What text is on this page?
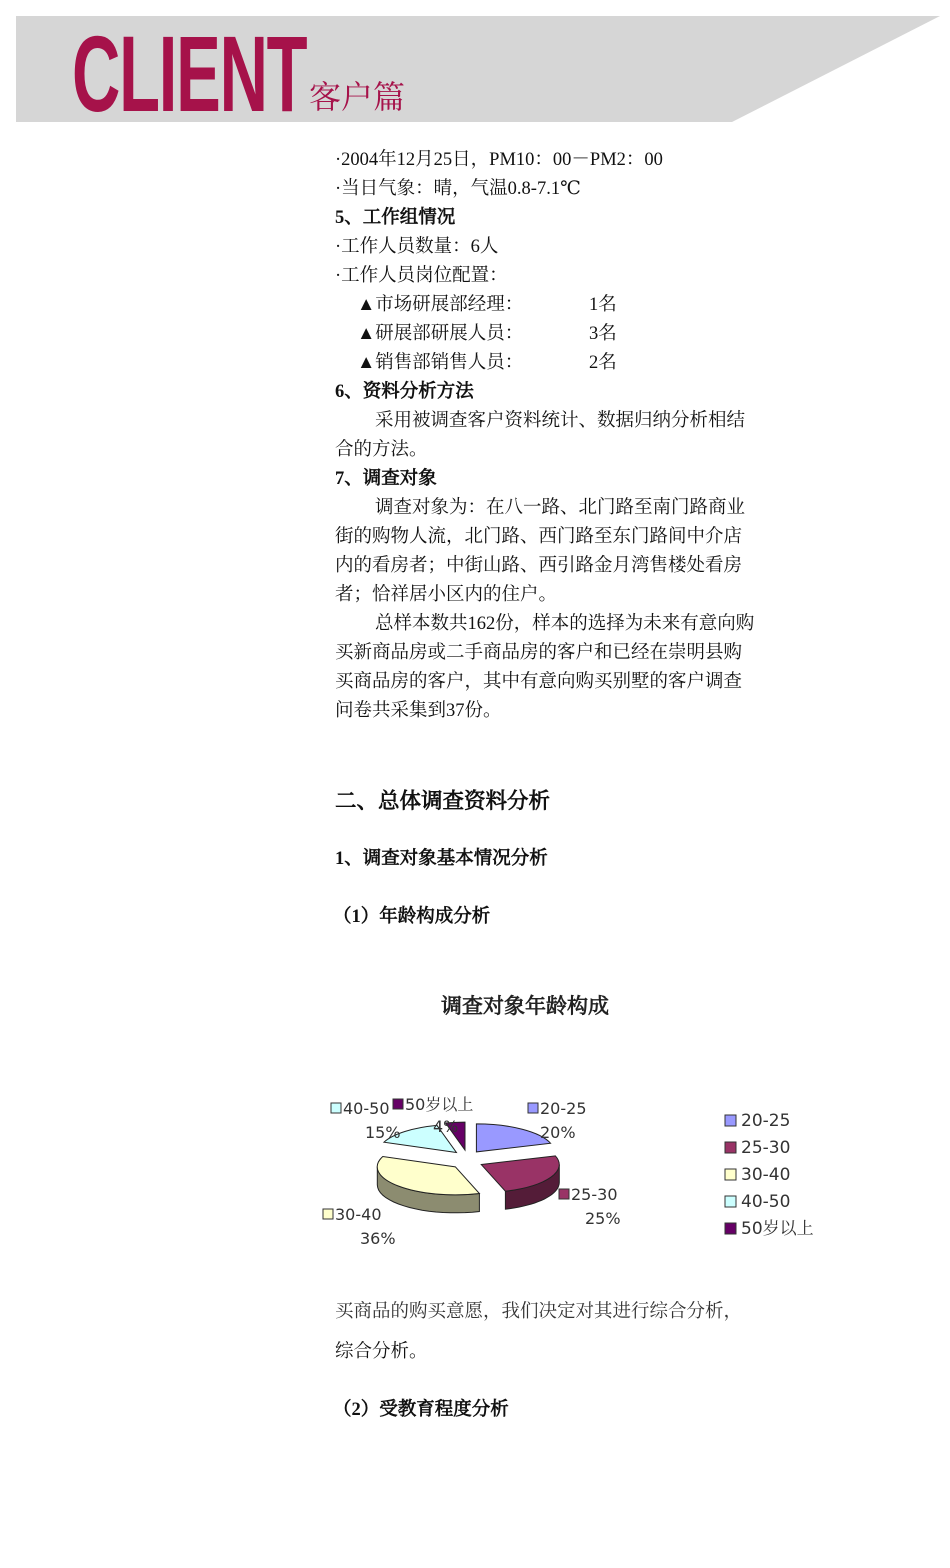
CLIENT 客户篇
·2004年12月25日，PM10：00－PM2：00
·当日气象：晴，气温0.8-7.1℃
5、工作组情况
·工作人员数量：6人
·工作人员岗位配置：
▲市场研展部经理：	1名
▲研展部研展人员：	3名
▲销售部销售人员：	2名
6、资料分析方法
采用被调查客户资料统计、数据归纳分析相结
合的方法。
7、调查对象
调查对象为：在八一路、北门路至南门路商业
街的购物人流，北门路、西门路至东门路间中介店
内的看房者；中街山路、西引路金月湾售楼处看房
者；恰祥居小区内的住户。
总样本数共162份，样本的选择为未来有意向购
买新商品房或二手商品房的客户和已经在崇明县购
买商品房的客户，其中有意向购买别墅的客户调查
问卷共采集到37份。
二、总体调查资料分析
1、调查对象基本情况分析
（1）年龄构成分析
调查对象年龄构成
20-25
20%
25-30
25%
30-40
36%
40-50
15%
50岁以上
4%	20-25
25-30
30-40
40-50
50岁以上
买商品的购买意愿，我们决定对其进行综合分析，
综合分析。
（2）受教育程度分析
